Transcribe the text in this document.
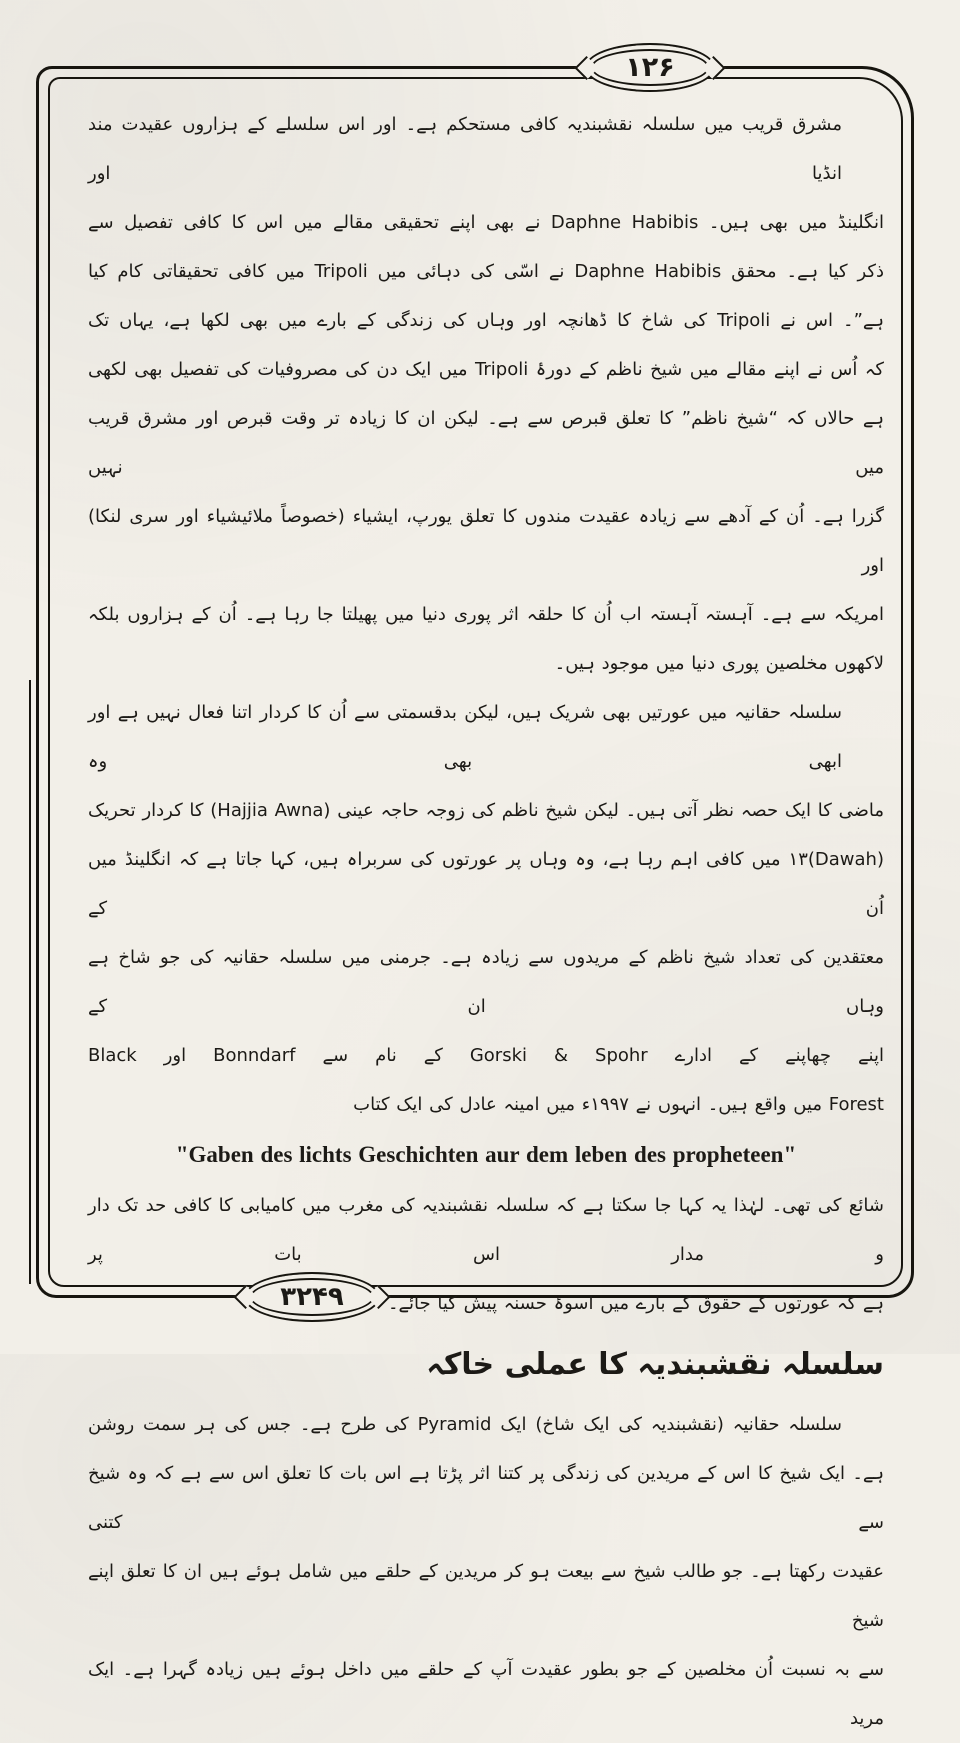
۱۲۶
۳۲۴۹
مشرق قریب میں سلسلہ نقشبندیہ کافی مستحکم ہے۔ اور اس سلسلے کے ہزاروں عقیدت مند انڈیا اور
انگلینڈ میں بھی ہیں۔ Daphne Habibis نے بھی اپنے تحقیقی مقالے میں اس کا کافی تفصیل سے
ذکر کیا ہے۔ محقق Daphne Habibis نے اسّی کی دہائی میں Tripoli میں کافی تحقیقاتی کام کیا
ہے”۔ اس نے Tripoli کی شاخ کا ڈھانچہ اور وہاں کی زندگی کے بارے میں بھی لکھا ہے، یہاں تک
کہ اُس نے اپنے مقالے میں شیخ ناظم کے دورۂ Tripoli میں ایک دن کی مصروفیات کی تفصیل بھی لکھی
ہے حالاں کہ “شیخ ناظم” کا تعلق قبرص سے ہے۔ لیکن ان کا زیادہ تر وقت قبرص اور مشرق قریب میں نہیں
گزرا ہے۔ اُن کے آدھے سے زیادہ عقیدت مندوں کا تعلق یورپ، ایشیاء (خصوصاً ملائیشیاء اور سری لنکا) اور
امریکہ سے ہے۔ آہستہ آہستہ اب اُن کا حلقہ اثر پوری دنیا میں پھیلتا جا رہا ہے۔ اُن کے ہزاروں بلکہ
لاکھوں مخلصین پوری دنیا میں موجود ہیں۔
سلسلہ حقانیہ میں عورتیں بھی شریک ہیں، لیکن بدقسمتی سے اُن کا کردار اتنا فعال نہیں ہے اور ابھی بھی وہ
ماضی کا ایک حصہ نظر آتی ہیں۔ لیکن شیخ ناظم کی زوجہ حاجہ عینی (Hajjia Awna) کا کردار تحریک
(Dawah)۱۳ میں کافی اہم رہا ہے، وہ وہاں پر عورتوں کی سربراہ ہیں، کہا جاتا ہے کہ انگلینڈ میں اُن کے
معتقدین کی تعداد شیخ ناظم کے مریدوں سے زیادہ ہے۔ جرمنی میں سلسلہ حقانیہ کی جو شاخ ہے وہاں ان کے
اپنے چھاپنے کے ادارے Gorski & Spohr کے نام سے Bonndarf اور Black
Forest میں واقع ہیں۔ انہوں نے ۱۹۹۷ء میں امینہ عادل کی ایک کتاب
"Gaben des lichts Geschichten aur dem leben des propheteen"
شائع کی تھی۔ لہٰذا یہ کہا جا سکتا ہے کہ سلسلہ نقشبندیہ کی مغرب میں کامیابی کا کافی حد تک دار و مدار اس بات پر
ہے کہ عورتوں کے حقوق کے بارے میں اسوۂ حسنہ پیش کیا جائے۔
سلسلہ نقشبندیہ کا عملی خاکہ
سلسلہ حقانیہ (نقشبندیہ کی ایک شاخ) ایک Pyramid کی طرح ہے۔ جس کی ہر سمت روشن
ہے۔ ایک شیخ کا اس کے مریدین کی زندگی پر کتنا اثر پڑتا ہے اس بات کا تعلق اس سے ہے کہ وہ شیخ سے کتنی
عقیدت رکھتا ہے۔ جو طالب شیخ سے بیعت ہو کر مریدین کے حلقے میں شامل ہوئے ہیں ان کا تعلق اپنے شیخ
سے بہ نسبت اُن مخلصین کے جو بطور عقیدت آپ کے حلقے میں داخل ہوئے ہیں زیادہ گہرا ہے۔ ایک مرید
